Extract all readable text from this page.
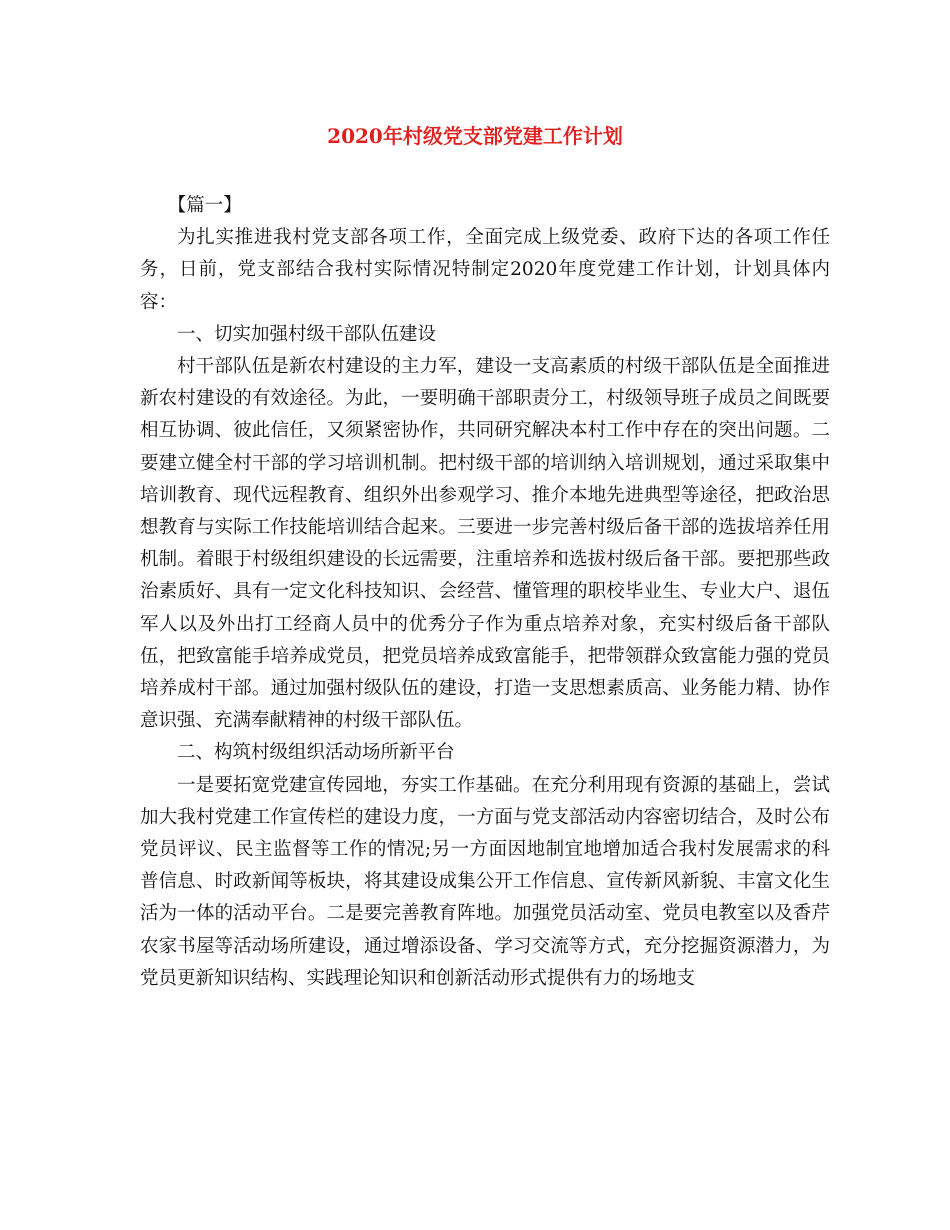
2020年村级党支部党建工作计划

【篇一】

为扎实推进我村党支部各项工作，全面完成上级党委、政府下达的各项工作任务，日前，党支部结合我村实际情况特制定2020年度党建工作计划，计划具体内容：

一、切实加强村级干部队伍建设

村干部队伍是新农村建设的主力军，建设一支高素质的村级干部队伍是全面推进新农村建设的有效途径。为此，一要明确干部职责分工，村级领导班子成员之间既要相互协调、彼此信任，又须紧密协作，共同研究解决本村工作中存在的突出问题。二要建立健全村干部的学习培训机制。把村级干部的培训纳入培训规划，通过采取集中培训教育、现代远程教育、组织外出参观学习、推介本地先进典型等途径，把政治思想教育与实际工作技能培训结合起来。三要进一步完善村级后备干部的选拔培养任用机制。着眼于村级组织建设的长远需要，注重培养和选拔村级后备干部。要把那些政治素质好、具有一定文化科技知识、会经营、懂管理的职校毕业生、专业大户、退伍军人以及外出打工经商人员中的优秀分子作为重点培养对象，充实村级后备干部队伍，把致富能手培养成党员，把党员培养成致富能手，把带领群众致富能力强的党员培养成村干部。通过加强村级队伍的建设，打造一支思想素质高、业务能力精、协作意识强、充满奉献精神的村级干部队伍。

二、构筑村级组织活动场所新平台

一是要拓宽党建宣传园地，夯实工作基础。在充分利用现有资源的基础上，尝试加大我村党建工作宣传栏的建设力度，一方面与党支部活动内容密切结合，及时公布党员评议、民主监督等工作的情况;另一方面因地制宜地增加适合我村发展需求的科普信息、时政新闻等板块，将其建设成集公开工作信息、宣传新风新貌、丰富文化生活为一体的活动平台。二是要完善教育阵地。加强党员活动室、党员电教室以及香芹农家书屋等活动场所建设，通过增添设备、学习交流等方式，充分挖掘资源潜力，为党员更新知识结构、实践理论知识和创新活动形式提供有力的场地支
